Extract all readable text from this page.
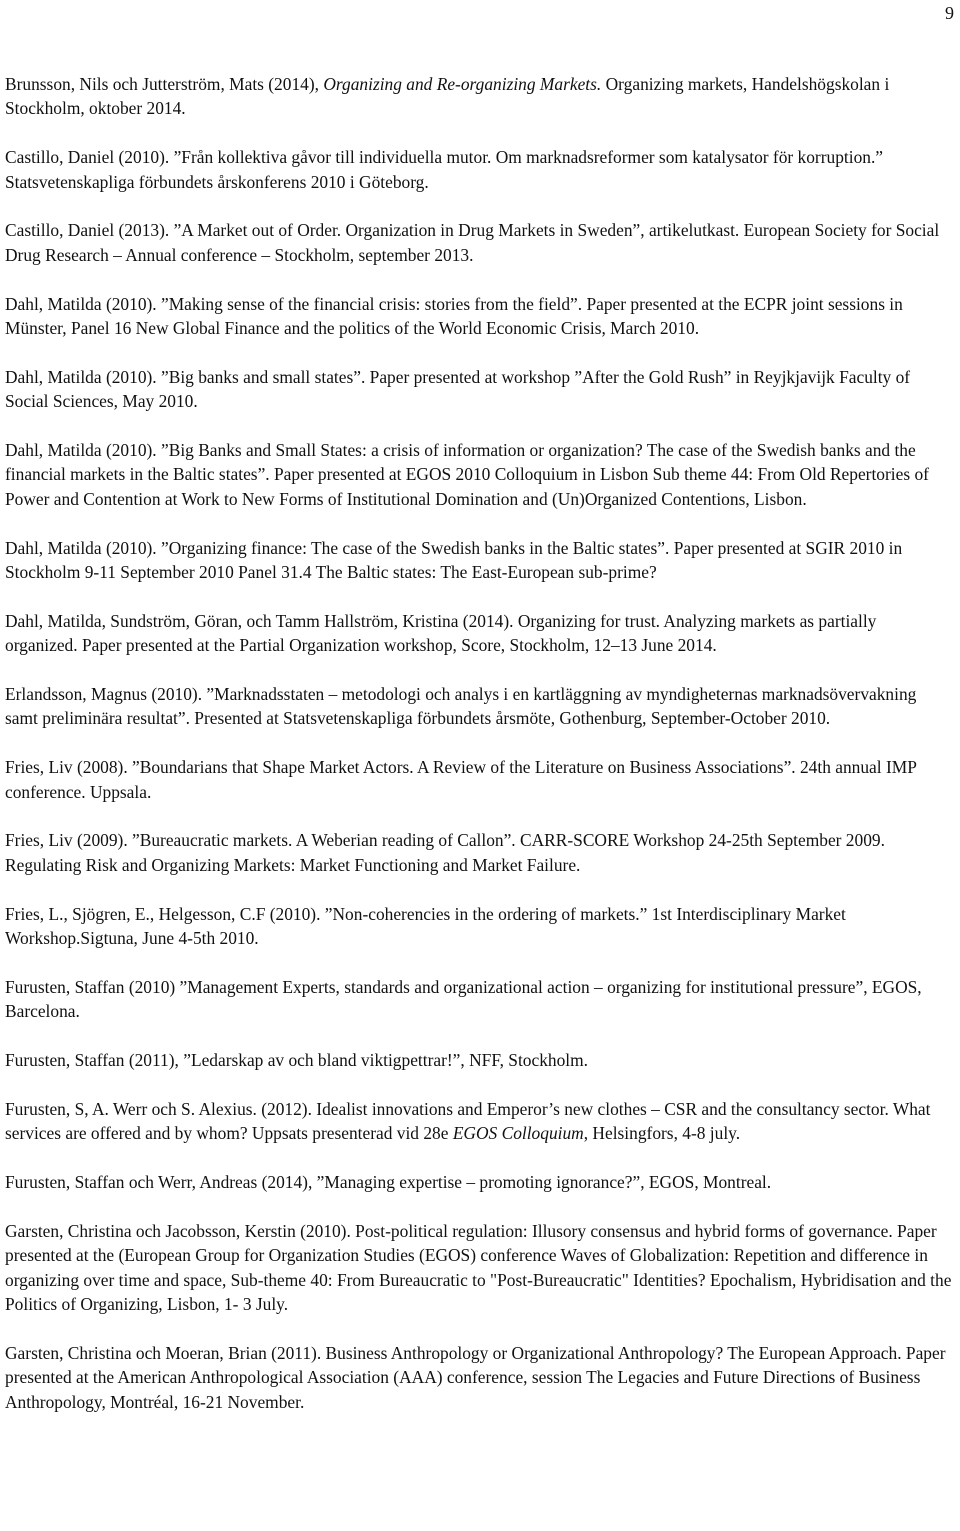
9

Brunsson, Nils och Jutterström, Mats (2014), Organizing and Re-organizing Markets. Organizing markets, Handelshögskolan i Stockholm, oktober 2014.

Castillo, Daniel (2010). ”Från kollektiva gåvor till individuella mutor. Om marknadsreformer som katalysator för korruption.” Statsvetenskapliga förbundets årskonferens 2010 i Göteborg.

Castillo, Daniel (2013). ”A Market out of Order. Organization in Drug Markets in Sweden”, artikelutkast. European Society for Social Drug Research – Annual conference – Stockholm, september 2013.

Dahl, Matilda (2010). ”Making sense of the financial crisis: stories from the field”. Paper presented at the ECPR joint sessions in Münster, Panel 16 New Global Finance and the politics of the World Economic Crisis, March 2010.

Dahl, Matilda (2010). ”Big banks and small states”. Paper presented at workshop ”After the Gold Rush” in Reyjkjavijk Faculty of Social Sciences, May 2010.

Dahl, Matilda (2010). ”Big Banks and Small States: a crisis of information or organization? The case of the Swedish banks and the financial markets in the Baltic states”. Paper presented at EGOS 2010 Colloquium in Lisbon Sub theme 44: From Old Repertories of Power and Contention at Work to New Forms of Institutional Domination and (Un)Organized Contentions, Lisbon.

Dahl, Matilda (2010). ”Organizing finance: The case of the Swedish banks in the Baltic states”. Paper presented at SGIR 2010 in Stockholm 9-11 September 2010 Panel 31.4 The Baltic states: The East-European sub-prime?

Dahl, Matilda, Sundström, Göran, och Tamm Hallström, Kristina (2014). Organizing for trust. Analyzing markets as partially organized. Paper presented at the Partial Organization workshop, Score, Stockholm, 12–13 June 2014.

Erlandsson, Magnus (2010). ”Marknadsstaten – metodologi och analys i en kartläggning av myndigheternas marknadsövervakning samt preliminära resultat”. Presented at Statsvetenskapliga förbundets årsmöte, Gothenburg, September-October 2010.

Fries, Liv (2008). ”Boundarians that Shape Market Actors. A Review of the Literature on Business Associations”. 24th annual IMP conference. Uppsala.

Fries, Liv (2009). ”Bureaucratic markets. A Weberian reading of Callon”. CARR-SCORE Workshop 24-25th September 2009. Regulating Risk and Organizing Markets: Market Functioning and Market Failure.

Fries, L., Sjögren, E., Helgesson, C.F (2010). ”Non-coherencies in the ordering of markets.” 1st Interdisciplinary Market Workshop.Sigtuna, June 4-5th 2010.

Furusten, Staffan (2010) ”Management Experts, standards and organizational action – organizing for institutional pressure”, EGOS, Barcelona.

Furusten, Staffan (2011), ”Ledarskap av och bland viktigpettrar!”, NFF, Stockholm.

Furusten, S, A. Werr och S. Alexius. (2012). Idealist innovations and Emperor’s new clothes – CSR and the consultancy sector. What services are offered and by whom? Uppsats presenterad vid 28e EGOS Colloquium, Helsingfors, 4-8 july.

Furusten, Staffan och Werr, Andreas (2014), ”Managing expertise – promoting ignorance?”, EGOS, Montreal.

Garsten, Christina och Jacobsson, Kerstin (2010). Post-political regulation: Illusory consensus and hybrid forms of governance. Paper presented at the (European Group for Organization Studies (EGOS) conference Waves of Globalization: Repetition and difference in organizing over time and space, Sub-theme 40: From Bureaucratic to "Post-Bureaucratic" Identities? Epochalism, Hybridisation and the Politics of Organizing, Lisbon, 1- 3 July.

Garsten, Christina och Moeran, Brian (2011). Business Anthropology or Organizational Anthropology? The European Approach. Paper presented at the American Anthropological Association (AAA) conference, session The Legacies and Future Directions of Business Anthropology, Montréal, 16-21 November.
